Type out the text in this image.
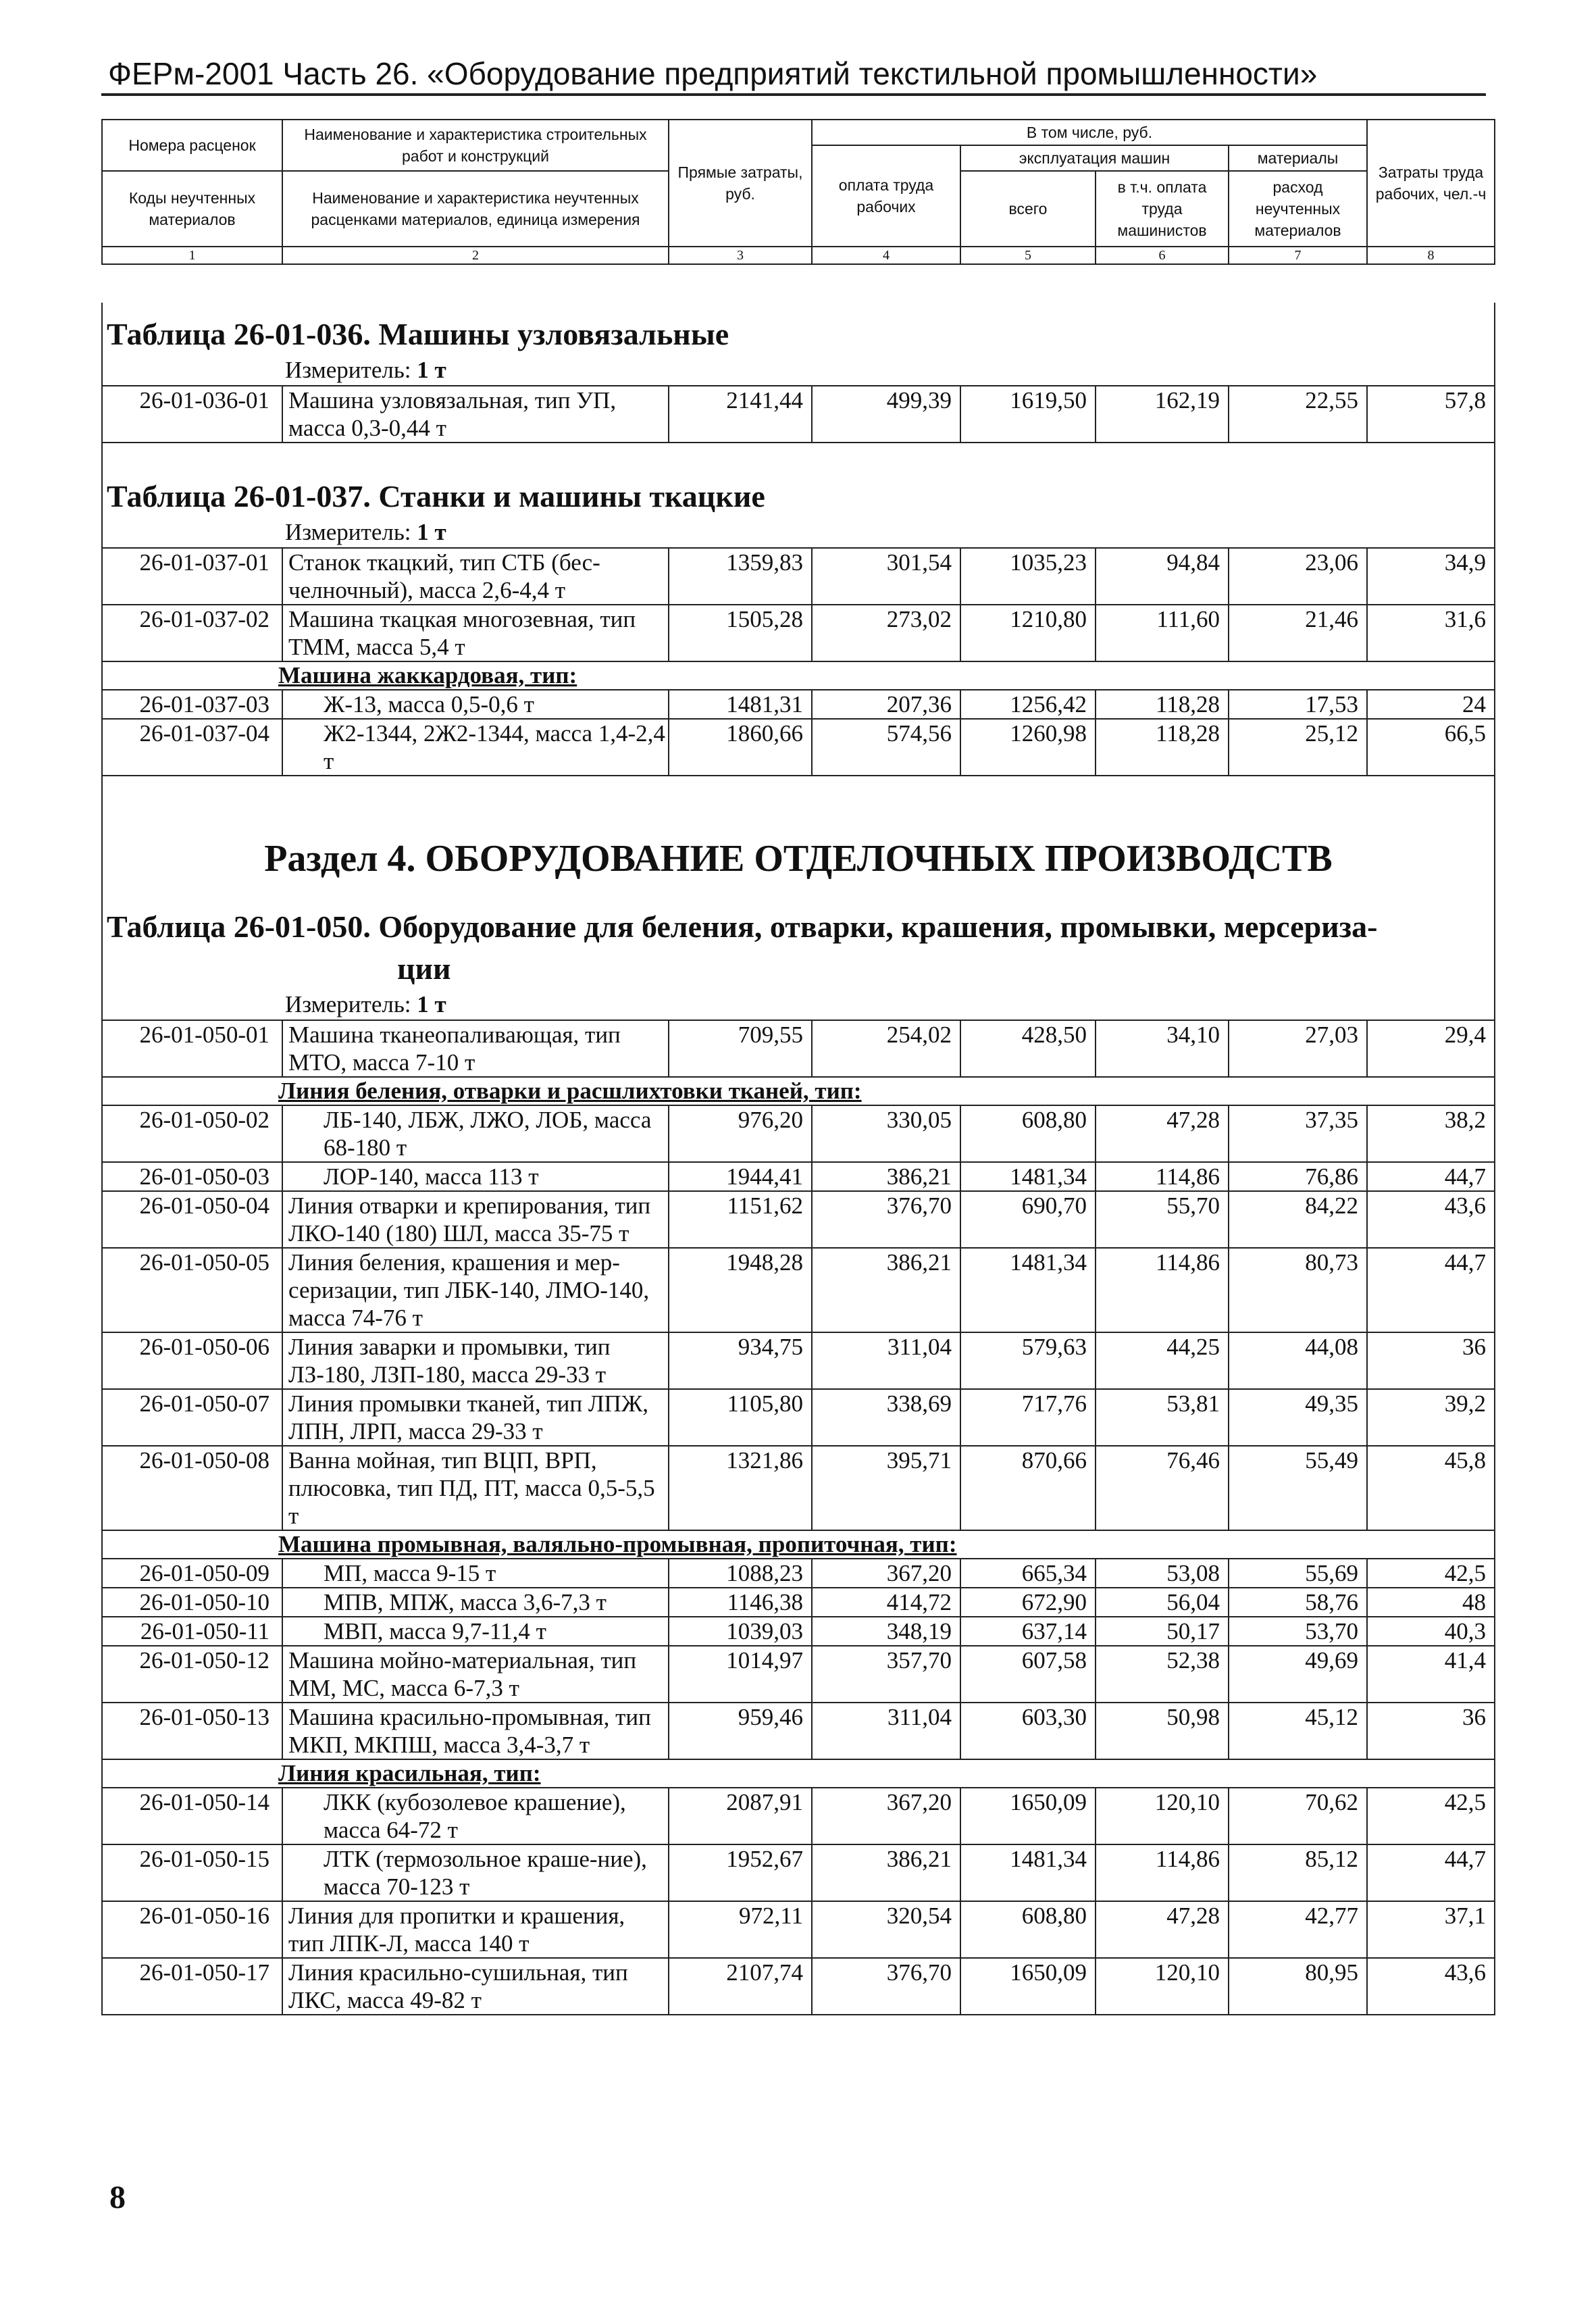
ФЕРм-2001 Часть 26. «Оборудование предприятий текстильной промышленности»
Номера расценок	Наименование и характеристика строительных работ и конструкций	Прямые затраты, руб.	В том числе, руб.				Затраты труда рабочих, чел.-ч
			оплата труда рабочих	эксплуатация машин		материалы	
Коды неучтенных материалов	Наименование и характеристика неучтенных расценками материалов, единица измерения			всего	в т.ч. оплата труда машинистов	расход неучтенных материалов	

1	2	3	4	5	6	7	8

Таблица 26-01-036. Машины узловязальные							
Измеритель: 1 т							
26-01-036-01	Машина узловязальная, тип УП, масса 0,3-0,44 т	2141,44	499,39	1619,50	162,19	22,55	57,8

Таблица 26-01-037. Станки и машины ткацкие							
Измеритель: 1 т							
26-01-037-01	Станок ткацкий, тип СТБ (бес-челночный), масса 2,6-4,4 т	1359,83	301,54	1035,23	94,84	23,06	34,9
26-01-037-02	Машина ткацкая многозевная, тип ТММ, масса 5,4 т	1505,28	273,02	1210,80	111,60	21,46	31,6
Машина жаккардовая, тип:							
26-01-037-03	Ж-13, масса 0,5-0,6 т	1481,31	207,36	1256,42	118,28	17,53	24
26-01-037-04	Ж2-1344, 2Ж2-1344, масса 1,4-2,4 т	1860,66	574,56	1260,98	118,28	25,12	66,5

Раздел 4. ОБОРУДОВАНИЕ ОТДЕЛОЧНЫХ ПРОИЗВОДСТВ							
Таблица 26-01-050. Оборудование для беления, отварки, крашения, промывки, мерсериза-
ции							

Измеритель: 1 т							
26-01-050-01	Машина тканеопаливающая, тип МТО, масса 7-10 т	709,55	254,02	428,50	34,10	27,03	29,4
Линия беления, отварки и расшлихтовки тканей, тип:							
26-01-050-02	ЛБ-140, ЛБЖ, ЛЖО, ЛОБ, масса 68-180 т	976,20	330,05	608,80	47,28	37,35	38,2
26-01-050-03	ЛОР-140, масса 113 т	1944,41	386,21	1481,34	114,86	76,86	44,7
26-01-050-04	Линия отварки и крепирования, тип ЛКО-140 (180) ШЛ, масса 35-75 т	1151,62	376,70	690,70	55,70	84,22	43,6
26-01-050-05	Линия беления, крашения и мер-серизации, тип ЛБК-140, ЛМО-140, масса 74-76 т	1948,28	386,21	1481,34	114,86	80,73	44,7
26-01-050-06	Линия заварки и промывки, тип ЛЗ-180, ЛЗП-180, масса 29-33 т	934,75	311,04	579,63	44,25	44,08	36
26-01-050-07	Линия промывки тканей, тип ЛПЖ, ЛПН, ЛРП, масса 29-33 т	1105,80	338,69	717,76	53,81	49,35	39,2
26-01-050-08	Ванна мойная, тип ВЦП, ВРП, плюсовка, тип ПД, ПТ, масса 0,5-5,5 т	1321,86	395,71	870,66	76,46	55,49	45,8
Машина промывная, валяльно-промывная, пропиточная, тип:							
26-01-050-09	МП, масса 9-15 т	1088,23	367,20	665,34	53,08	55,69	42,5
26-01-050-10	МПВ, МПЖ, масса 3,6-7,3 т	1146,38	414,72	672,90	56,04	58,76	48
26-01-050-11	МВП, масса 9,7-11,4 т	1039,03	348,19	637,14	50,17	53,70	40,3
26-01-050-12	Машина мойно-материальная, тип ММ, МС, масса 6-7,3 т	1014,97	357,70	607,58	52,38	49,69	41,4
26-01-050-13	Машина красильно-промывная, тип МКП, МКПШ, масса 3,4-3,7 т	959,46	311,04	603,30	50,98	45,12	36
Линия красильная, тип:							
26-01-050-14	ЛКК (кубозолевое крашение), масса 64-72 т	2087,91	367,20	1650,09	120,10	70,62	42,5
26-01-050-15	ЛТК (термозольное краше-ние), масса 70-123 т	1952,67	386,21	1481,34	114,86	85,12	44,7
26-01-050-16	Линия для пропитки и крашения, тип ЛПК-Л, масса 140 т	972,11	320,54	608,80	47,28	42,77	37,1
26-01-050-17	Линия красильно-сушильная, тип ЛКС, масса 49-82 т	2107,74	376,70	1650,09	120,10	80,95	43,6
8
